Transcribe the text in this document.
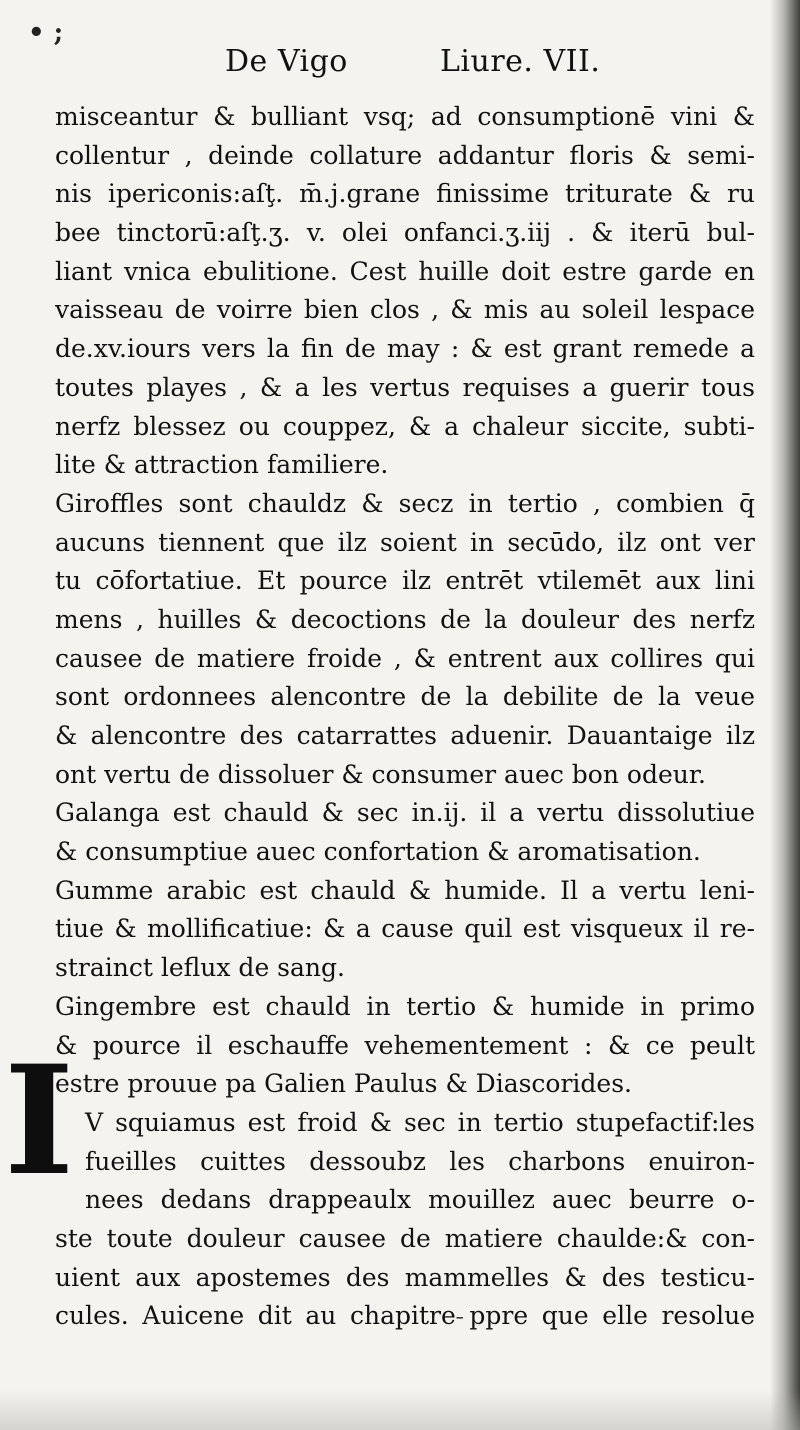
• ;
De Vigo	Liure. VII.
misceantur & bulliant vsq; ad consumptionē vini &
collentur , deinde collature addantur floris & semi-
nis ipericonis:aſţ. m̄.j.grane finissime triturate & ru
bee tinctorū:aſţ.ʒ. v. olei onfanci.ʒ.iij . & iterū bul-
liant vnica ebulitione. Cest huille doit estre garde en
vaisseau de voirre bien clos , & mis au soleil lespace
de.xv.iours vers la fin de may : & est grant remede a
toutes playes , & a les vertus requises a guerir tous
nerfz blessez ou couppez, & a chaleur siccite, subti-
lite & attraction familiere.
Giroffles sont chauldz & secz in tertio , combien q̄
aucuns tiennent que ilz soient in secūdo, ilz ont ver
tu cōfortatiue. Et pource ilz entrēt vtilemēt aux lini
mens , huilles & decoctions de la douleur des nerfz
causee de matiere froide , & entrent aux collires qui
sont ordonnees alencontre de la debilite de la veue
& alencontre des catarrattes aduenir. Dauantaige ilz
ont vertu de dissoluer & consumer auec bon odeur.
Galanga est chauld & sec in.ij. il a vertu dissolutiue
& consumptiue auec confortation & aromatisation.
Gumme arabic est chauld & humide. Il a vertu leni-
tiue & mollificatiue: & a cause quil est visqueux il re-
strainct leflux de sang.
Gingembre est chauld in tertio & humide in primo
& pource il eschauffe vehementement : & ce peult
estre prouue pa Galien Paulus & Diascorides.
V squiamus est froid & sec in tertio stupefactif:les
fueilles cuittes dessoubz les charbons enuiron-
nees dedans drappeaulx mouillez auec beurre o-
ste toute douleur causee de matiere chaulde:& con-
uient aux apostemes des mammelles & des testicu-
cules. Auicene dit au chapitre ̵ppre que elle resolue
I
